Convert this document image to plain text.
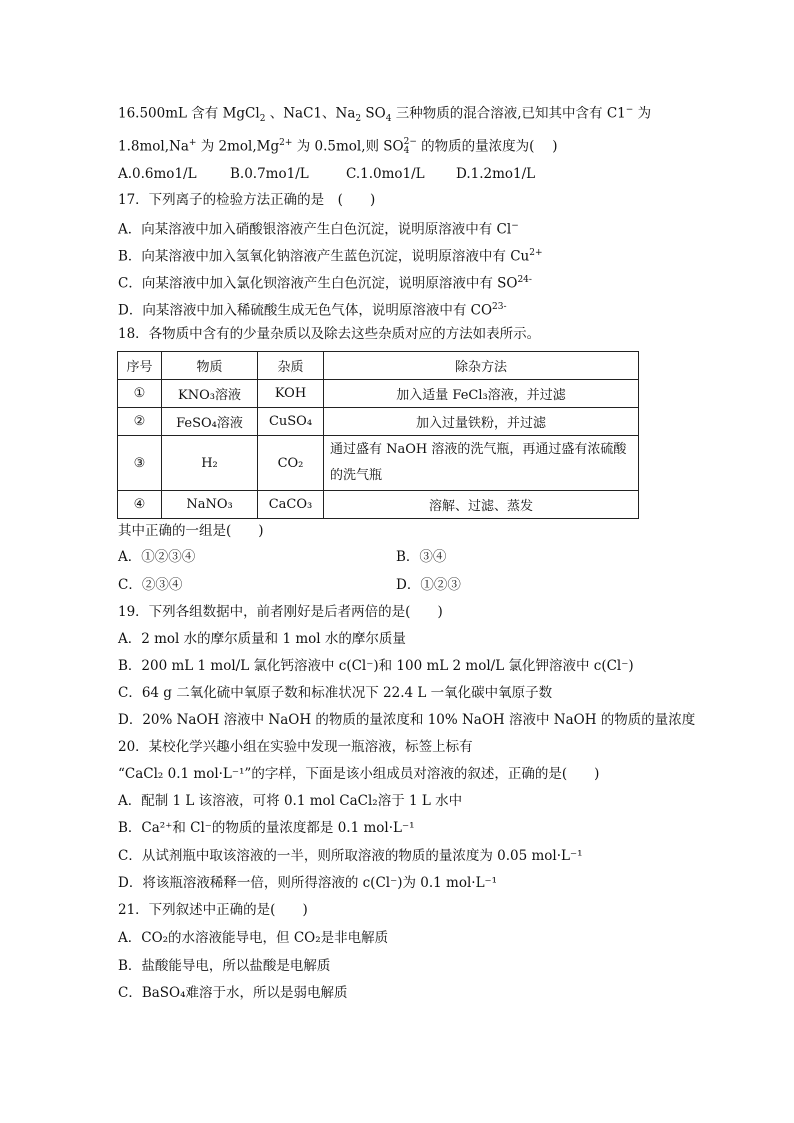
16.500mL 含有 MgCl$_2$ 、NaC1、$Na_2$ $SO_4$ 三种物质的混合溶液,已知其中含有 C1− 为
1.8mol,Na+ 为 $2mol,Mg^{2+}$ 为 0.5mol,则 SO2−
4 的物质的量浓度为(　 )
A.0.6mo1/L B.0.7mo1/L	C.1.0mo1/L D.1.2mo1/L
17．下列离子的检验方法正确的是　(　　)
A．向某溶液中加入硝酸银溶液产生白色沉淀，说明原溶液中有 Cl−
B．向某溶液中加入氢氧化钠溶液产生蓝色沉淀，说明原溶液中有 $Cu^{2+}$
C．向某溶液中加入氯化钡溶液产生白色沉淀，说明原溶液中有 $SO^{24-}$
D．向某溶液中加入稀硫酸生成无色气体，说明原溶液中有 $CO^{23-}$
18．各物质中含有的少量杂质以及除去这些杂质对应的方法如表所示。
序号	物质	杂质	除杂方法
①	KNO₃溶液	KOH	加入适量 FeCl₃溶液，并过滤
②	FeSO₄溶液	CuSO₄	加入过量铁粉，并过滤
③	H₂	CO₂	通过盛有 NaOH 溶液的洗气瓶，再通过盛有浓硫酸的洗气瓶
④	NaNO₃	CaCO₃	溶解、过滤、蒸发
其中正确的一组是(　　)
A．①②③④	B．③④
C．②③④	D．①②③
19．下列各组数据中，前者刚好是后者两倍的是(　　)
A．2 mol 水的摩尔质量和 1 mol 水的摩尔质量
B．200 mL 1 mol/L 氯化钙溶液中 c(Cl⁻)和 100 mL 2 mol/L 氯化钾溶液中 c(Cl⁻)
C．64 g 二氧化硫中氧原子数和标准状况下 22.4 L 一氧化碳中氧原子数
D．20% NaOH 溶液中 NaOH 的物质的量浓度和 10% NaOH 溶液中 NaOH 的物质的量浓度
20．某校化学兴趣小组在实验中发现一瓶溶液，标签上标有
“CaCl₂ 0.1 mol·L⁻¹”的字样，下面是该小组成员对溶液的叙述，正确的是(　　)
A．配制 1 L 该溶液，可将 0.1 mol CaCl₂溶于 1 L 水中
B．Ca²⁺和 Cl⁻的物质的量浓度都是 0.1 mol·L⁻¹
C．从试剂瓶中取该溶液的一半，则所取溶液的物质的量浓度为 0.05 mol·L⁻¹
D．将该瓶溶液稀释一倍，则所得溶液的 c(Cl⁻)为 0.1 mol·L⁻¹
21．下列叙述中正确的是(　　)
A．CO₂的水溶液能导电，但 CO₂是非电解质
B．盐酸能导电，所以盐酸是电解质
C．BaSO₄难溶于水，所以是弱电解质
